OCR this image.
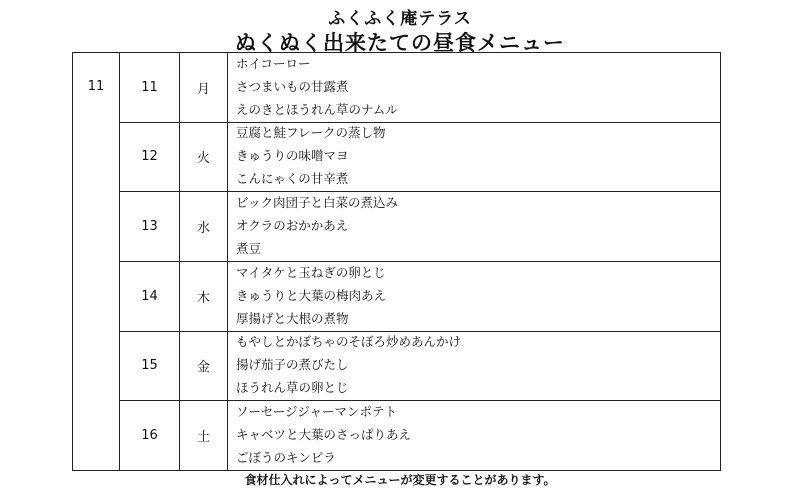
ふくふく庵テラス
ぬくぬく出来たての昼食メニュー
11	11	月	ホイコーロー
さつまいもの甘露煮
えのきとほうれん草のナムル

	12	火	豆腐と鮭フレークの蒸し物
きゅうりの味噌マヨ
こんにゃくの甘辛煮

	13	水	ビック肉団子と白菜の煮込み
オクラのおかかあえ
煮豆

	14	木	マイタケと玉ねぎの卵とじ
きゅうりと大葉の梅肉あえ
厚揚げと大根の煮物

	15	金	もやしとかぼちゃのそぼろ炒めあんかけ
揚げ茄子の煮びたし
ほうれん草の卵とじ

	16	土	ソーセージジャーマンポテト
キャベツと大葉のさっぱりあえ
ごぼうのキンピラ
食材仕入れによってメニューが変更することがあります。
